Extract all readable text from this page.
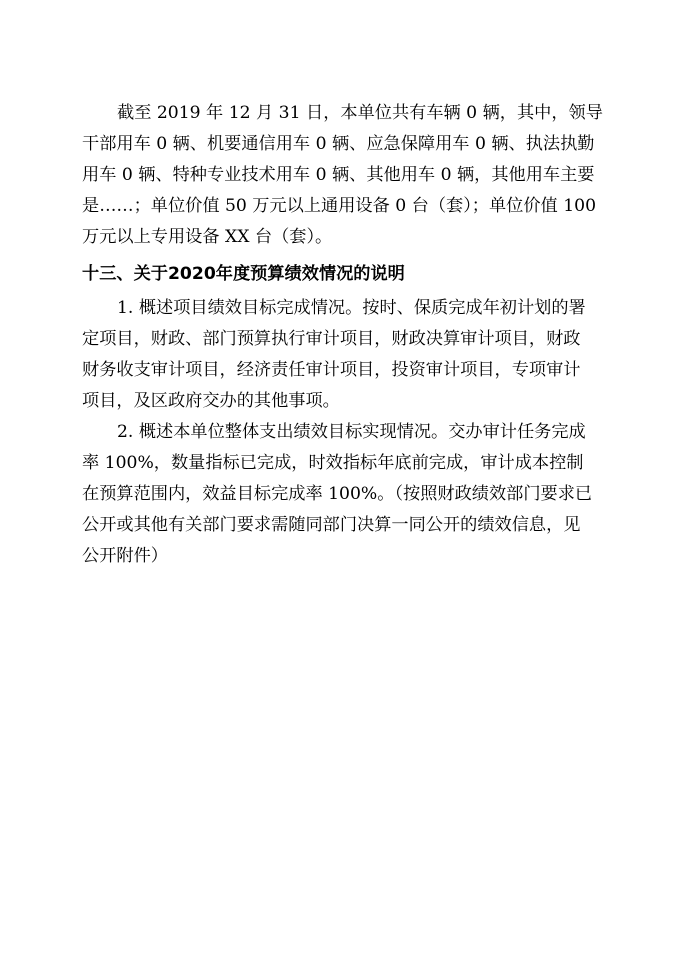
截至 2019 年 12 月 31 日，本单位共有车辆 0 辆，其中，领导
干部用车 0 辆、机要通信用车 0 辆、应急保障用车 0 辆、执法执勤
用车 0 辆、特种专业技术用车 0 辆、其他用车 0 辆，其他用车主要
是……；单位价值 50 万元以上通用设备 0 台（套）；单位价值 100
万元以上专用设备 XX 台（套）。
十三、关于2020年度预算绩效情况的说明
1. 概述项目绩效目标完成情况。按时、保质完成年初计划的署
定项目，财政、部门预算执行审计项目，财政决算审计项目，财政
财务收支审计项目，经济责任审计项目，投资审计项目，专项审计
项目，及区政府交办的其他事项。
2. 概述本单位整体支出绩效目标实现情况。交办审计任务完成
率 100%，数量指标已完成，时效指标年底前完成，审计成本控制
在预算范围内，效益目标完成率 100%。（按照财政绩效部门要求已
公开或其他有关部门要求需随同部门决算一同公开的绩效信息，见
公开附件）
